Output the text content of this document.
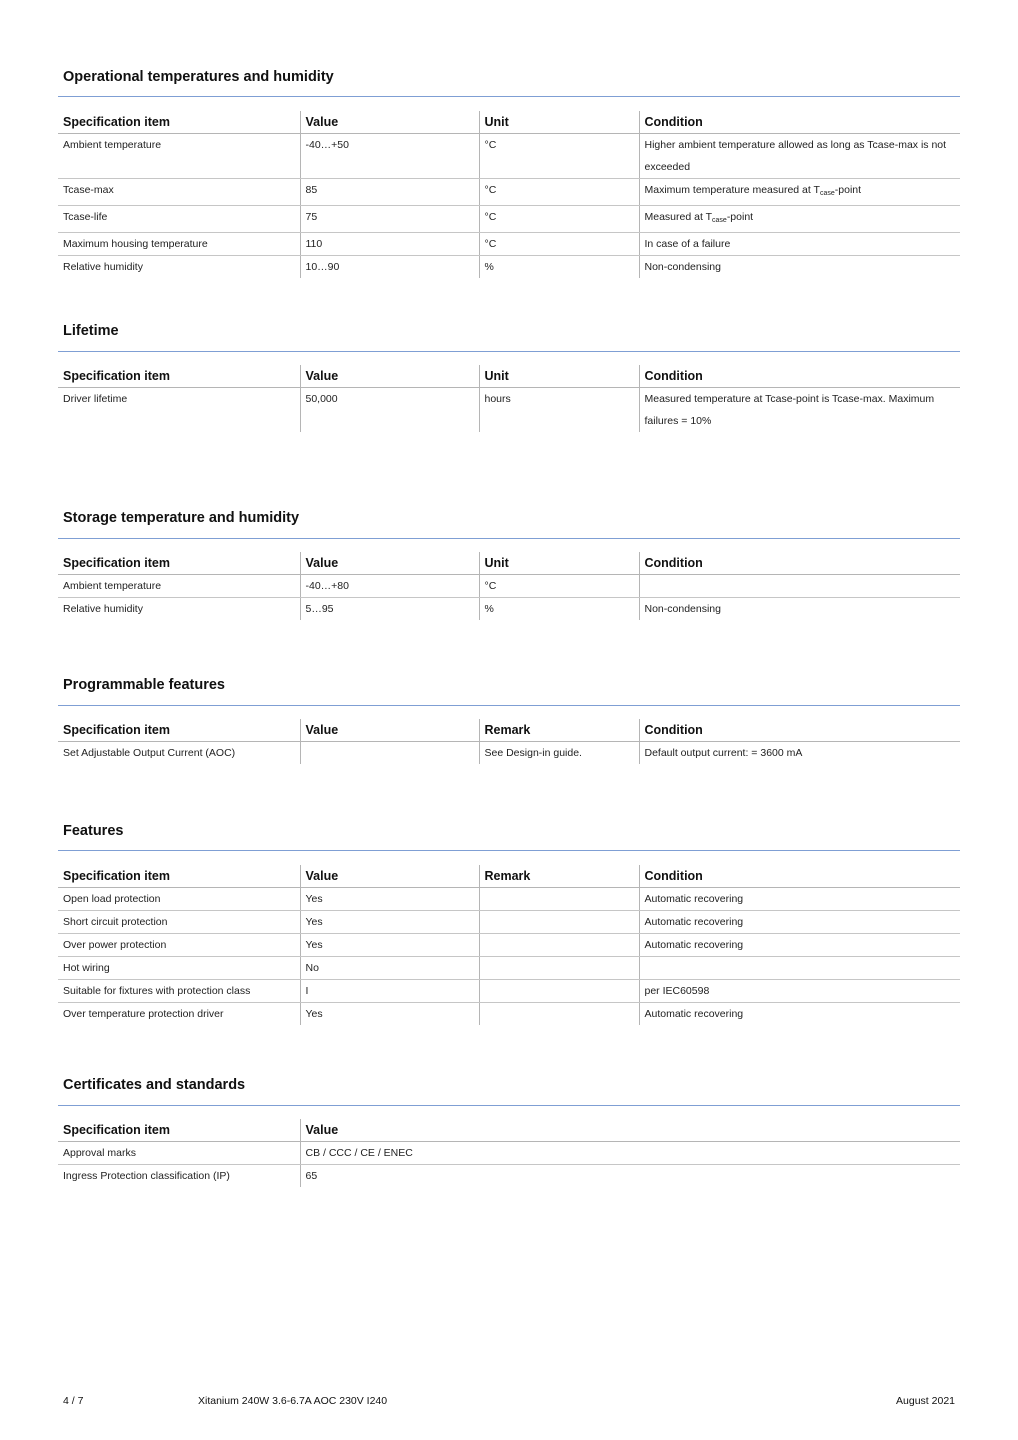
Operational temperatures and humidity
Specification item	Value	Unit	Condition
Ambient temperature	-40…+50	°C	Higher ambient temperature allowed as long as Tcase-max is not exceeded
Tcase-max	85	°C	Maximum temperature measured at $T_{case}$-point
Tcase-life	75	°C	Measured at $T_{case}$-point
Maximum housing temperature	110	°C	In case of a failure
Relative humidity	10…90	%	Non-condensing
Lifetime
Specification item	Value	Unit	Condition
Driver lifetime	50,000	hours	Measured temperature at Tcase-point is Tcase-max. Maximum failures = 10%
Storage temperature and humidity
Specification item	Value	Unit	Condition
Ambient temperature	-40…+80	°C	
Relative humidity	5…95	%	Non-condensing
Programmable features
Specification item	Value	Remark	Condition
Set Adjustable Output Current (AOC)		See Design-in guide.	Default output current: = 3600 mA
Features
Specification item	Value	Remark	Condition
Open load protection	Yes		Automatic recovering
Short circuit protection	Yes		Automatic recovering
Over power protection	Yes		Automatic recovering
Hot wiring	No		
Suitable for fixtures with protection class	I		per IEC60598
Over temperature protection driver	Yes		Automatic recovering
Certificates and standards
Specification item	Value
Approval marks	CB / CCC / CE / ENEC
Ingress Protection classification (IP)	65
4 / 7	Xitanium 240W 3.6-6.7A AOC 230V I240	August 2021
